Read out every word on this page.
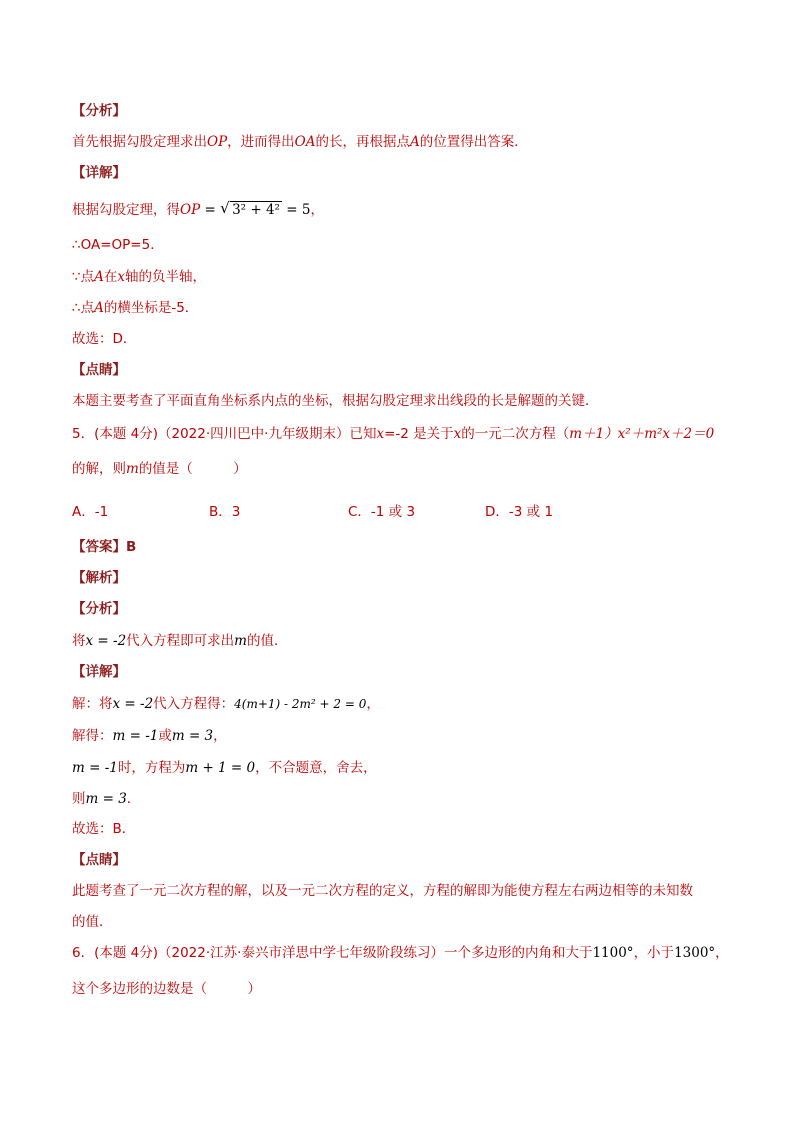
【分析】
首先根据勾股定理求出OP，进而得出OA的长，再根据点A的位置得出答案．
【详解】
根据勾股定理，得OP = √ 3² + 4² = 5，
∴OA=OP=5．
∵点A在x轴的负半轴，
∴点A的横坐标是-5．
故选：D．
【点睛】
本题主要考查了平面直角坐标系内点的坐标，根据勾股定理求出线段的长是解题的关键．
5．(本题 4分)（2022·四川巴中·九年级期末）已知x=-2 是关于x的一元二次方程（m＋1）x²＋m²x＋2＝0
的解，则m的值是（　　　）
A．-1	B．3	C．-1 或 3	D．-3 或 1
【答案】B
【解析】
【分析】
将x = -2代入方程即可求出m的值．
【详解】
解：将x = -2代入方程得：4(m+1) - 2m² + 2 = 0，
解得：m = -1或m = 3，
m = -1时，方程为m + 1 = 0，不合题意，舍去，
则m = 3．
故选：B．
【点睛】
此题考查了一元二次方程的解，以及一元二次方程的定义，方程的解即为能使方程左右两边相等的未知数
的值．
6．(本题 4分)（2022·江苏·泰兴市洋思中学七年级阶段练习）一个多边形的内角和大于1100°，小于1300°，
这个多边形的边数是（　　　）
